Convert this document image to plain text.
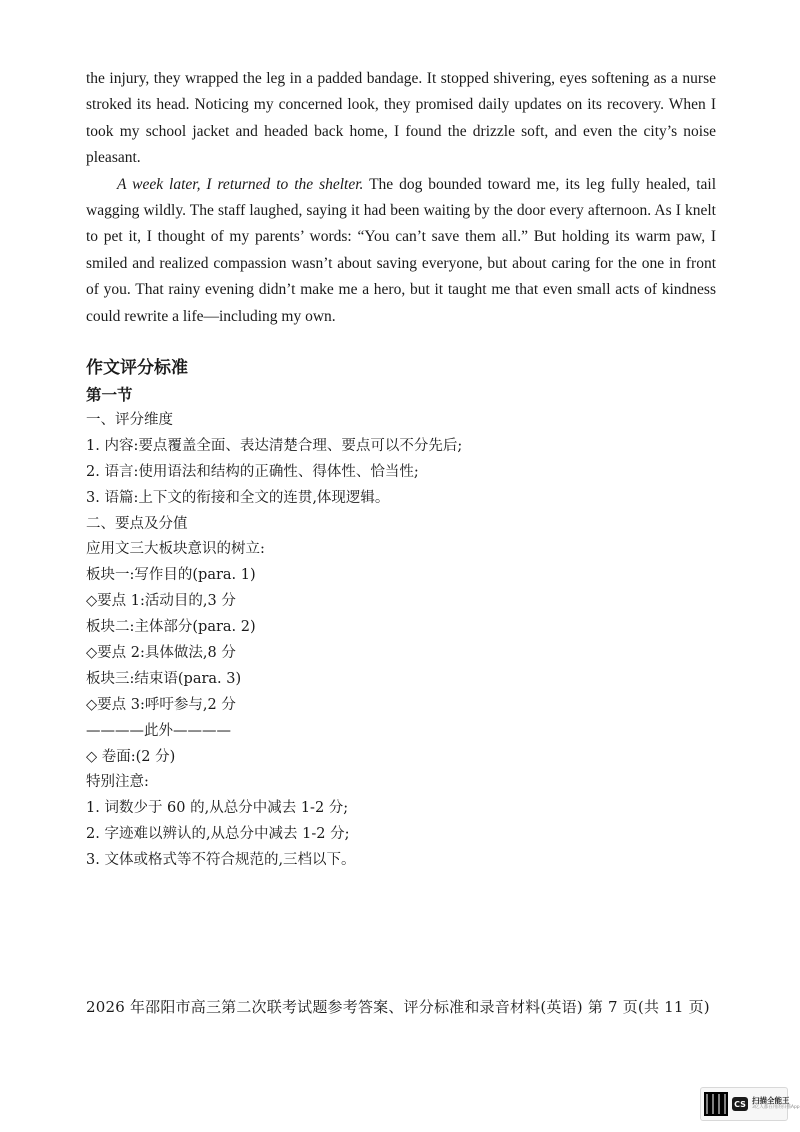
the injury, they wrapped the leg in a padded bandage. It stopped shivering, eyes softening as a nurse stroked its head. Noticing my concerned look, they promised daily updates on its recovery. When I took my school jacket and headed back home, I found the drizzle soft, and even the city’s noise pleasant.

A week later, I returned to the shelter. The dog bounded toward me, its leg fully healed, tail wagging wildly. The staff laughed, saying it had been waiting by the door every afternoon. As I knelt to pet it, I thought of my parents’ words: “You can’t save them all.” But holding its warm paw, I smiled and realized compassion wasn’t about saving everyone, but about caring for the one in front of you. That rainy evening didn’t make me a hero, but it taught me that even small acts of kindness could rewrite a life—including my own.

作文评分标准
第一节
一、评分维度
1. 内容:要点覆盖全面、表达清楚合理、要点可以不分先后;
2. 语言:使用语法和结构的正确性、得体性、恰当性;
3. 语篇:上下文的衔接和全文的连贯,体现逻辑。
二、要点及分值
应用文三大板块意识的树立:
板块一:写作目的(para. 1)
◇要点 1:活动目的,3 分
板块二:主体部分(para. 2)
◇要点 2:具体做法,8 分
板块三:结束语(para. 3)
◇要点 3:呼吁参与,2 分
————此外————
◇ 卷面:(2 分)
特别注意:
1. 词数少于 60 的,从总分中减去 1-2 分;
2. 字迹难以辨认的,从总分中减去 1-2 分;
3. 文体或格式等不符合规范的,三档以下。
2026 年邵阳市高三第二次联考试题参考答案、评分标准和录音材料(英语) 第 7 页(共 11 页)
CS 扫描全能王
3亿人都在用的扫描App
